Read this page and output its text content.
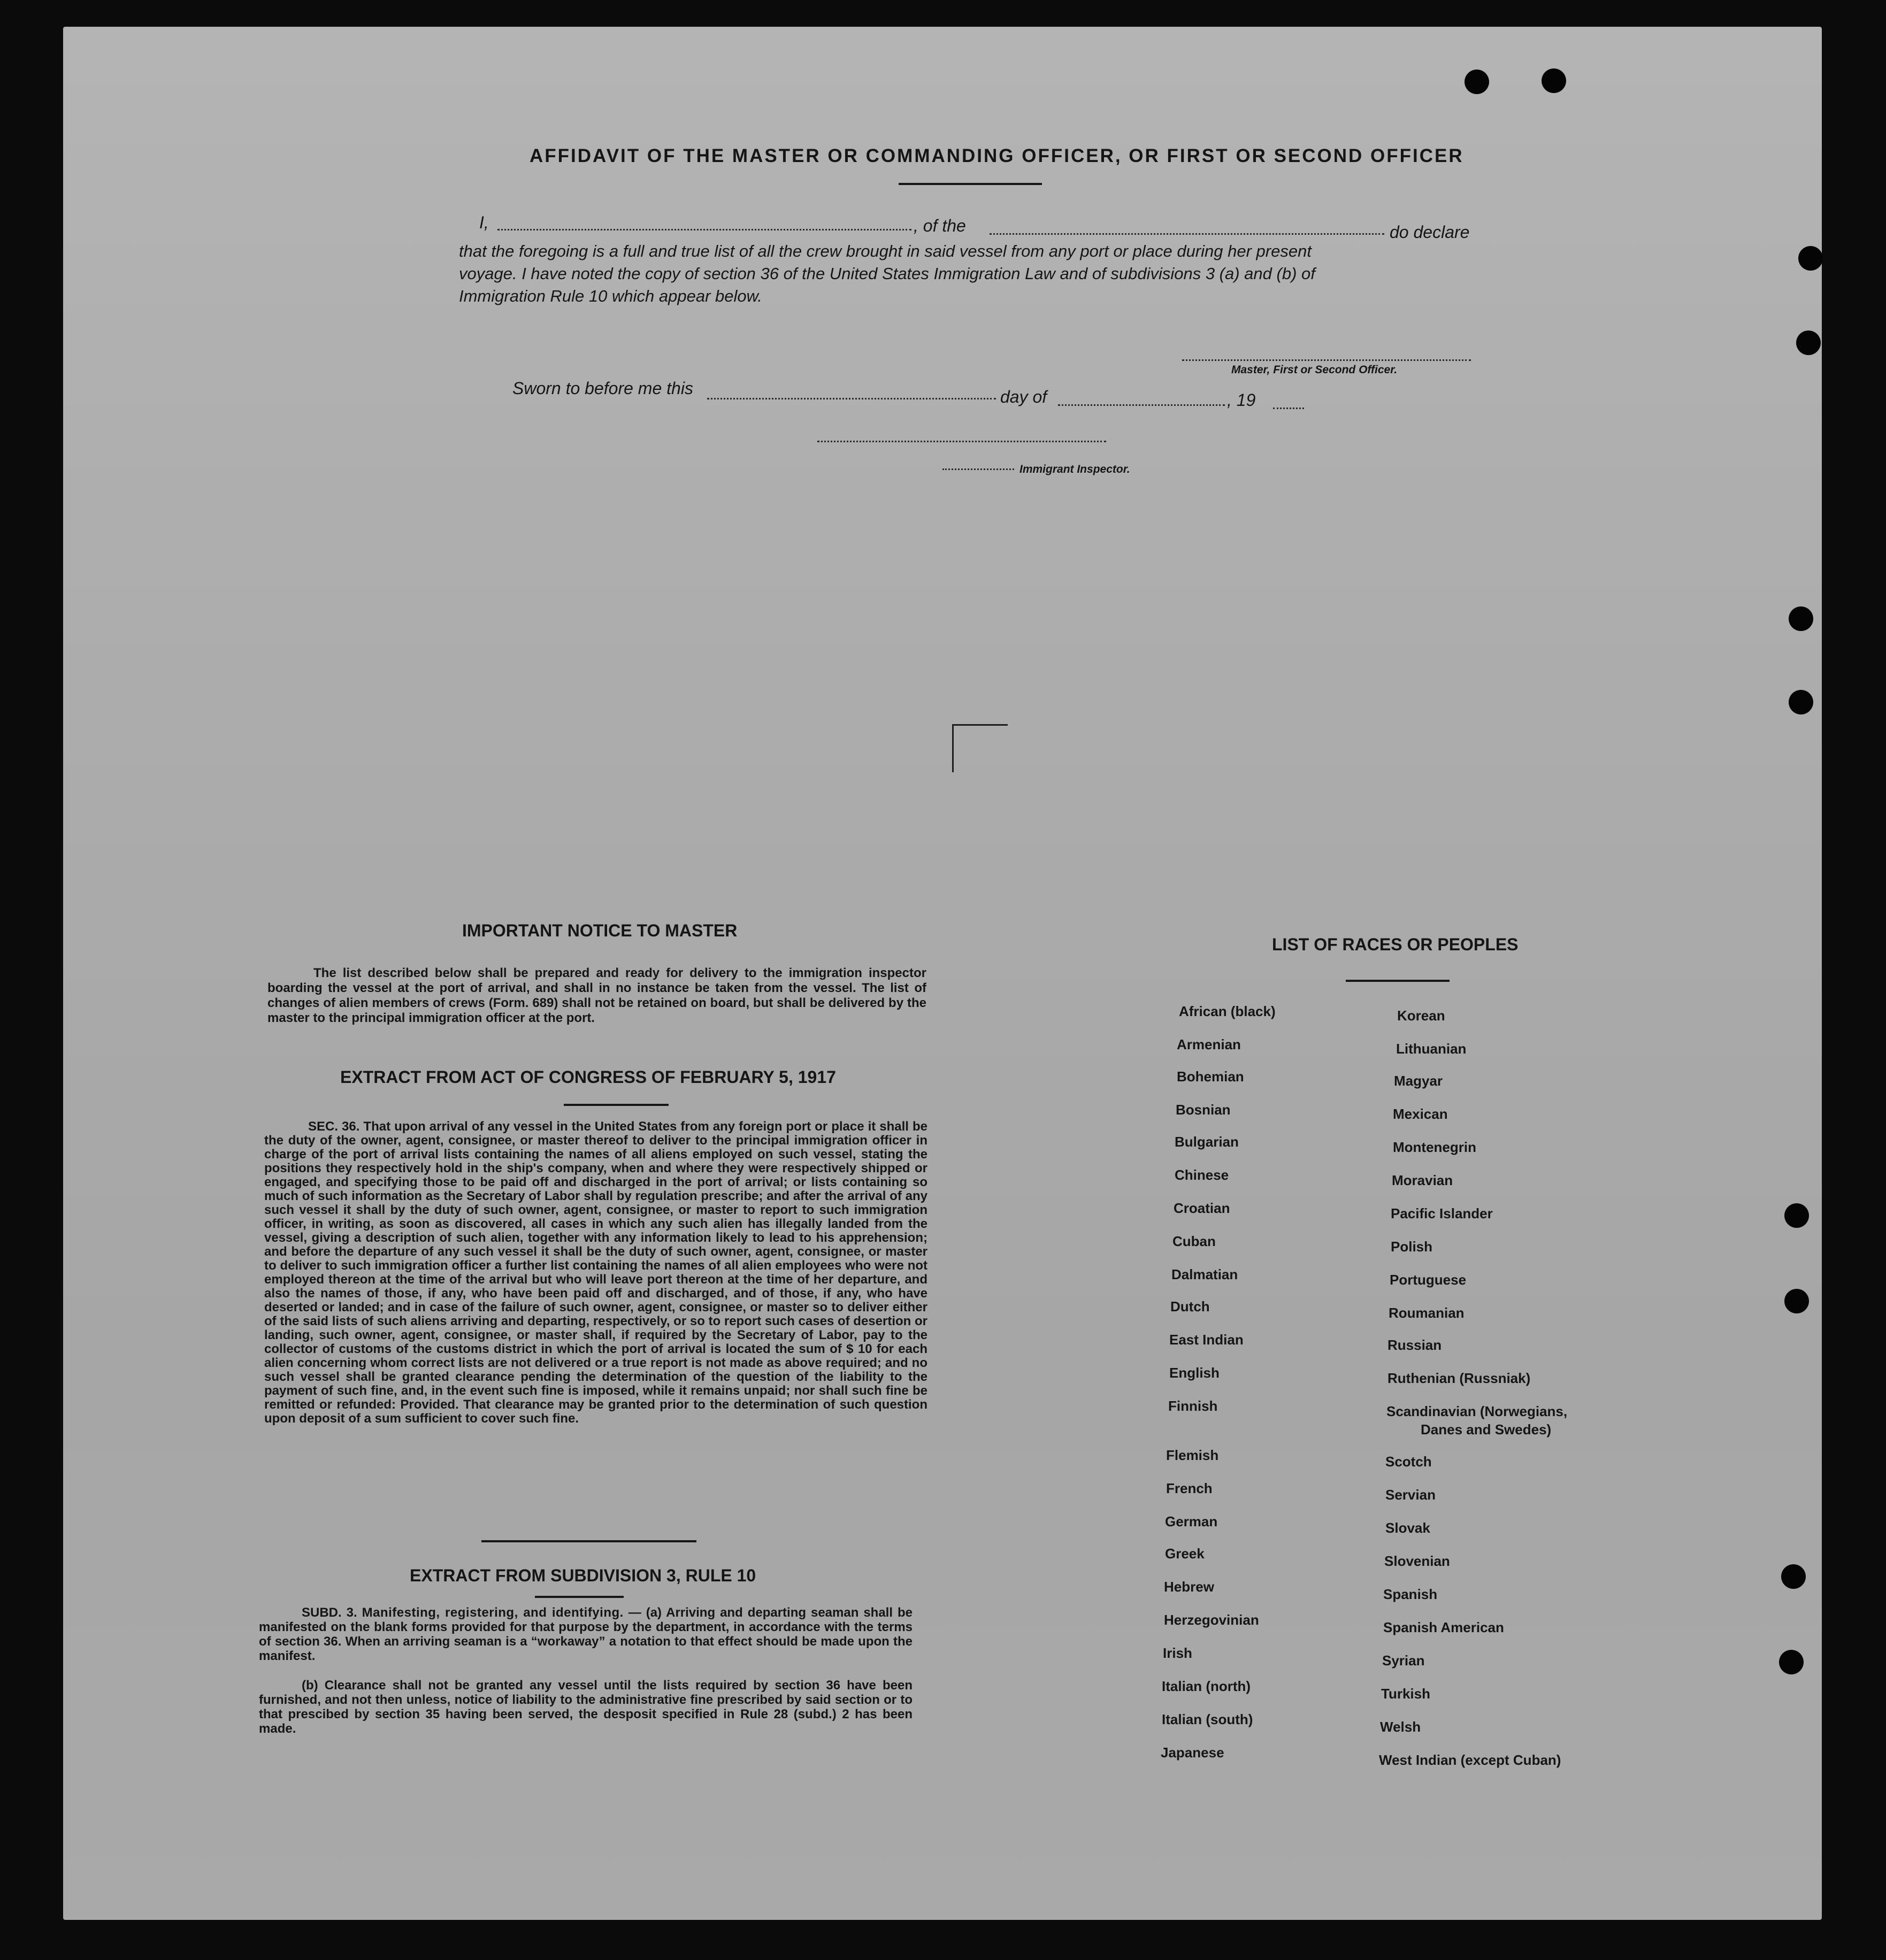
AFFIDAVIT OF THE MASTER OR COMMANDING OFFICER, OR FIRST OR SECOND OFFICER
I,	, of the	do declare
that the foregoing is a full and true list of all the crew brought in said vessel from any port or place during her present
voyage. I have noted the copy of section 36 of the United States Immigration Law and of subdivisions 3 (a) and (b) of
Immigration Rule 10 which appear below.
Master, First or Second Officer.
Sworn to before me this	day of	, 19
Immigrant Inspector.
IMPORTANT NOTICE TO MASTER

The list described below shall be prepared and ready for delivery to the immigration inspector boarding the vessel at the port of arrival, and shall in no instance be taken from the vessel. The list of changes of alien members of crews (Form. 689) shall not be retained on board, but shall be delivered by the master to the principal immigration officer at the port.

EXTRACT FROM ACT OF CONGRESS OF FEBRUARY 5, 1917

SEC. 36. That upon arrival of any vessel in the United States from any foreign port or place it shall be the duty of the owner, agent, consignee, or master thereof to deliver to the principal immigration officer in charge of the port of arrival lists containing the names of all aliens employed on such vessel, stating the positions they respectively hold in the ship's company, when and where they were respectively shipped or engaged, and specifying those to be paid off and discharged in the port of arrival; or lists containing so much of such information as the Secretary of Labor shall by regulation prescribe; and after the arrival of any such vessel it shall by the duty of such owner, agent, consignee, or master to report to such immigration officer, in writing, as soon as discovered, all cases in which any such alien has illegally landed from the vessel, giving a description of such alien, together with any information likely to lead to his apprehension; and before the departure of any such vessel it shall be the duty of such owner, agent, consignee, or master to deliver to such immigration officer a further list containing the names of all alien employees who were not employed thereon at the time of the arrival but who will leave port thereon at the time of her departure, and also the names of those, if any, who have been paid off and discharged, and of those, if any, who have deserted or landed; and in case of the failure of such owner, agent, consignee, or master so to deliver either of the said lists of such aliens arriving and departing, respectively, or so to report such cases of desertion or landing, such owner, agent, consignee, or master shall, if required by the Secretary of Labor, pay to the collector of customs of the customs district in which the port of arrival is located the sum of $ 10 for each alien concerning whom correct lists are not delivered or a true report is not made as above required; and no such vessel shall be granted clearance pending the determination of the question of the liability to the payment of such fine, and, in the event such fine is imposed, while it remains unpaid; nor shall such fine be remitted or refunded: Provided. That clearance may be granted prior to the determination of such question upon deposit of a sum sufficient to cover such fine.

EXTRACT FROM SUBDIVISION 3, RULE 10

SUBD. 3. Manifesting, registering, and identifying. — (a) Arriving and departing seaman shall be manifested on the blank forms provided for that purpose by the department, in accordance with the terms of section 36. When an arriving seaman is a “workaway” a notation to that effect should be made upon the manifest.

(b) Clearance shall not be granted any vessel until the lists required by section 36 have been furnished, and not then unless, notice of liability to the administrative fine prescribed by said section or to that prescibed by section 35 having been served, the desposit specified in Rule 28 (subd.) 2 has been made.

LIST OF RACES OR PEOPLES
African (black)
Armenian
Bohemian
Bosnian
Bulgarian
Chinese
Croatian
Cuban
Dalmatian
Dutch
East Indian
English
Finnish
Flemish
French
German
Greek
Hebrew
Herzegovinian
Irish
Italian (north)
Italian (south)
Japanese
Korean
Lithuanian
Magyar
Mexican
Montenegrin
Moravian
Pacific Islander
Polish
Portuguese
Roumanian
Russian
Ruthenian (Russniak)
Scandinavian (Norwegians,
Danes and Swedes)
Scotch
Servian
Slovak
Slovenian
Spanish
Spanish American
Syrian
Turkish
Welsh
West Indian (except Cuban)
